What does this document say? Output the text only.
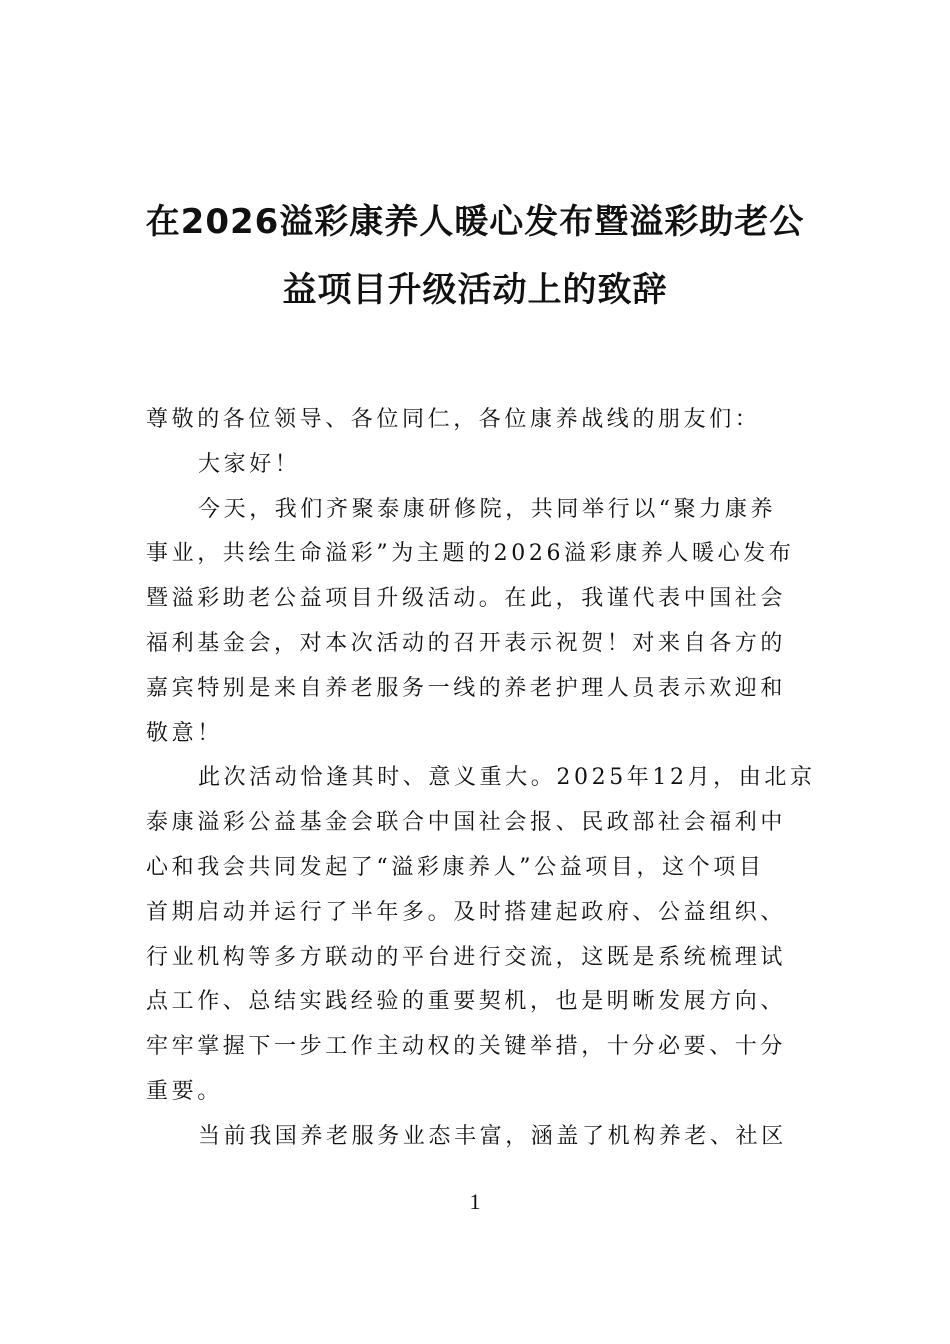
在2026溢彩康养人暖心发布暨溢彩助老公
益项目升级活动上的致辞

尊敬的各位领导、各位同仁，各位康养战线的朋友们：

大家好！

今天，我们齐聚泰康研修院，共同举行以“聚力康养

事业，共绘生命溢彩”为主题的2026溢彩康养人暖心发布

暨溢彩助老公益项目升级活动。在此，我谨代表中国社会

福利基金会，对本次活动的召开表示祝贺！对来自各方的

嘉宾特别是来自养老服务一线的养老护理人员表示欢迎和

敬意！

此次活动恰逢其时、意义重大。2025年12月，由北京

泰康溢彩公益基金会联合中国社会报、民政部社会福利中

心和我会共同发起了“溢彩康养人”公益项目，这个项目

首期启动并运行了半年多。及时搭建起政府、公益组织、

行业机构等多方联动的平台进行交流，这既是系统梳理试

点工作、总结实践经验的重要契机，也是明晰发展方向、

牢牢掌握下一步工作主动权的关键举措，十分必要、十分

重要。

当前我国养老服务业态丰富，涵盖了机构养老、社区

1
